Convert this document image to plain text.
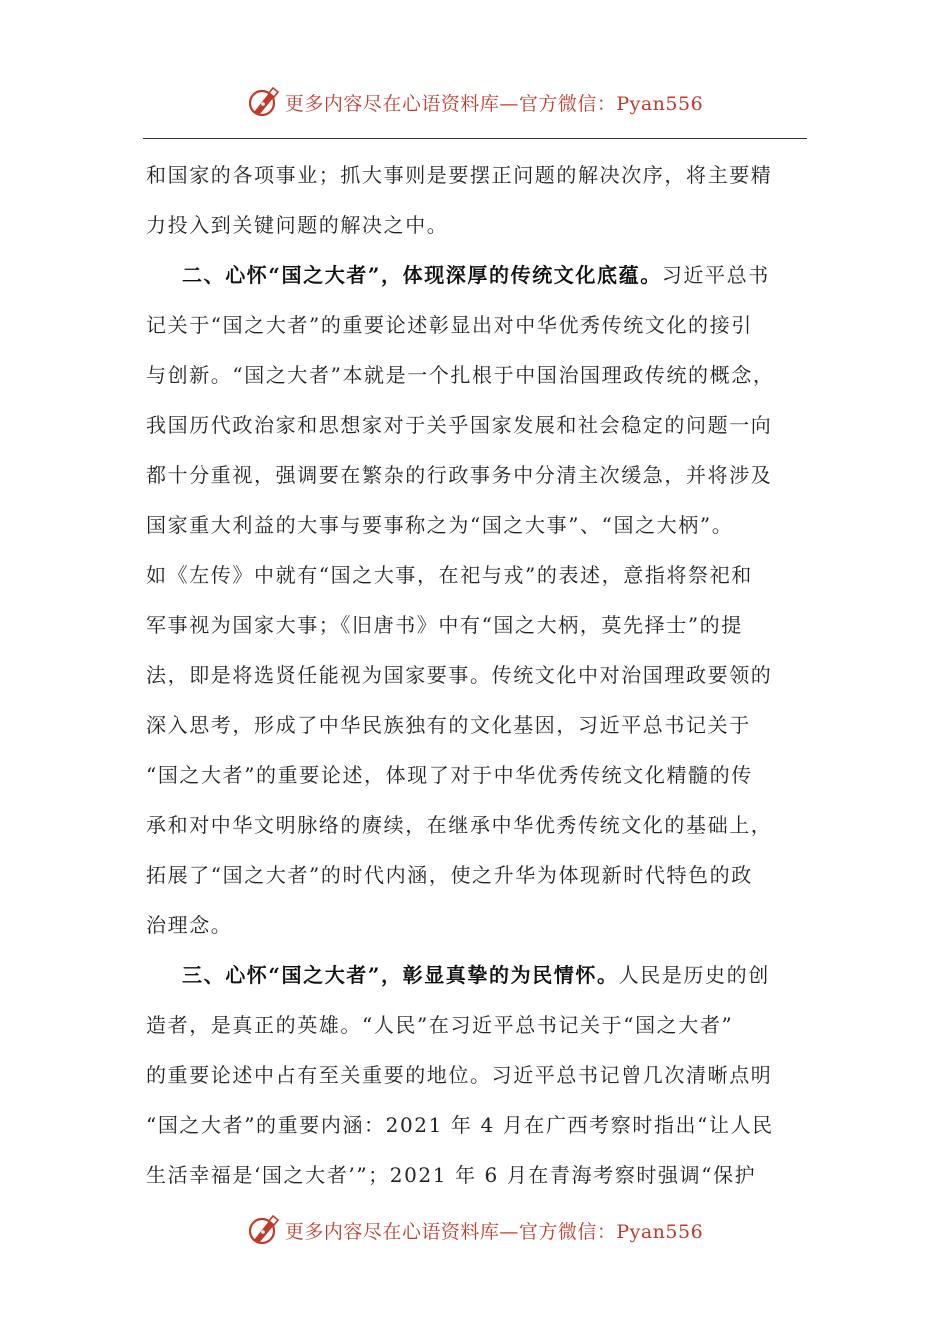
更多内容尽在心语资料库—官方微信：Pyan556
和国家的各项事业；抓大事则是要摆正问题的解决次序，将主要精
力投入到关键问题的解决之中。
二、心怀“国之大者”，体现深厚的传统文化底蕴。习近平总书
记关于“国之大者”的重要论述彰显出对中华优秀传统文化的接引
与创新。“国之大者”本就是一个扎根于中国治国理政传统的概念，
我国历代政治家和思想家对于关乎国家发展和社会稳定的问题一向
都十分重视，强调要在繁杂的行政事务中分清主次缓急，并将涉及
国家重大利益的大事与要事称之为“国之大事”、“国之大柄”。
如《左传》中就有“国之大事，在祀与戎”的表述，意指将祭祀和
军事视为国家大事；《旧唐书》中有“国之大柄，莫先择士”的提
法，即是将选贤任能视为国家要事。传统文化中对治国理政要领的
深入思考，形成了中华民族独有的文化基因，习近平总书记关于
“国之大者”的重要论述，体现了对于中华优秀传统文化精髓的传
承和对中华文明脉络的赓续，在继承中华优秀传统文化的基础上，
拓展了“国之大者”的时代内涵，使之升华为体现新时代特色的政
治理念。
三、心怀“国之大者”，彰显真挚的为民情怀。人民是历史的创
造者，是真正的英雄。“人民”在习近平总书记关于“国之大者”
的重要论述中占有至关重要的地位。习近平总书记曾几次清晰点明
“国之大者”的重要内涵：2021 年 4 月在广西考察时指出“让人民
生活幸福是‘国之大者’”；2021 年 6 月在青海考察时强调“保护
更多内容尽在心语资料库—官方微信：Pyan556
